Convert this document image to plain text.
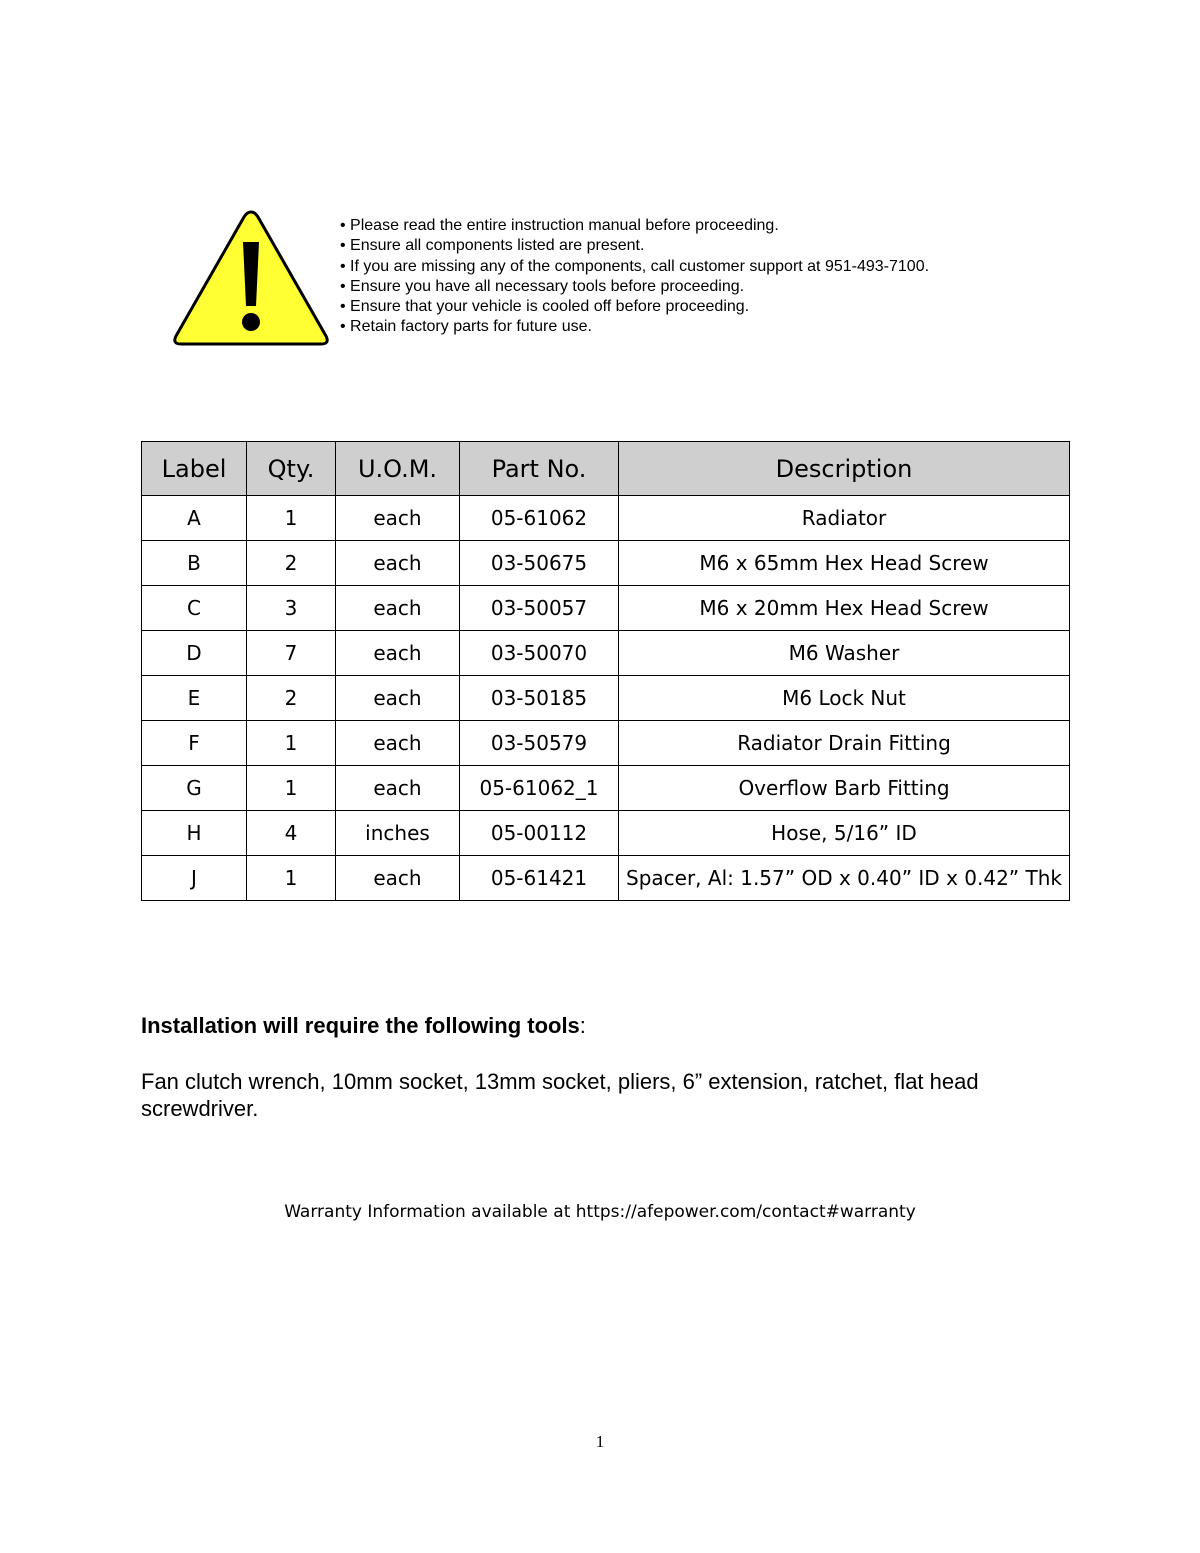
• Please read the entire instruction manual before proceeding.
• Ensure all components listed are present.
• If you are missing any of the components, call customer support at 951-493-7100.
• Ensure you have all necessary tools before proceeding.
• Ensure that your vehicle is cooled off before proceeding.
• Retain factory parts for future use.
Label	Qty.	U.O.M.	Part No.	Description
A	1	each	05-61062	Radiator
B	2	each	03-50675	M6 x 65mm Hex Head Screw
C	3	each	03-50057	M6 x 20mm Hex Head Screw
D	7	each	03-50070	M6 Washer
E	2	each	03-50185	M6 Lock Nut
F	1	each	03-50579	Radiator Drain Fitting
G	1	each	05-61062_1	Overflow Barb Fitting
H	4	inches	05-00112	Hose, 5/16” ID
J	1	each	05-61421	Spacer, Al: 1.57” OD x 0.40” ID x 0.42” Thk

Installation will require the following tools:

Fan clutch wrench, 10mm socket, 13mm socket, pliers, 6” extension, ratchet, flat head screwdriver.

Warranty Information available at https://afepower.com/contact#warranty

1
